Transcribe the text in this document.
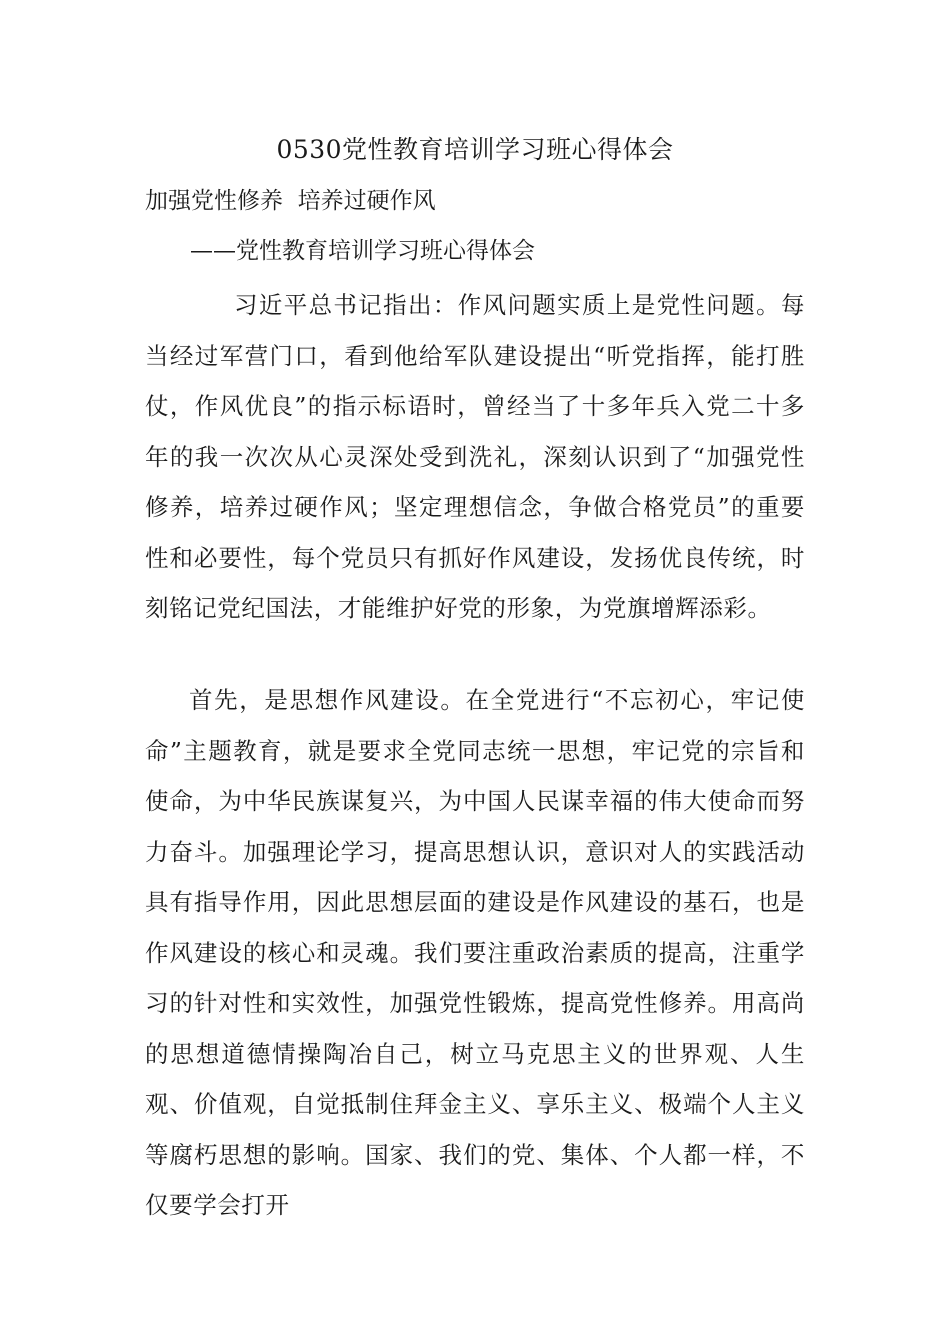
0530党性教育培训学习班心得体会
加强党性修养  培养过硬作风
——党性教育培训学习班心得体会

习近平总书记指出：作风问题实质上是党性问题。每当经过军营门口，看到他给军队建设提出“听党指挥，能打胜仗，作风优良”的指示标语时，曾经当了十多年兵入党二十多年的我一次次从心灵深处受到洗礼，深刻认识到了“加强党性修养，培养过硬作风；坚定理想信念，争做合格党员”的重要性和必要性，每个党员只有抓好作风建设，发扬优良传统，时刻铭记党纪国法，才能维护好党的形象，为党旗增辉添彩。

首先，是思想作风建设。在全党进行“不忘初心，牢记使命”主题教育，就是要求全党同志统一思想，牢记党的宗旨和使命，为中华民族谋复兴，为中国人民谋幸福的伟大使命而努力奋斗。加强理论学习，提高思想认识，意识对人的实践活动具有指导作用，因此思想层面的建设是作风建设的基石，也是作风建设的核心和灵魂。我们要注重政治素质的提高，注重学习的针对性和实效性，加强党性锻炼，提高党性修养。用高尚的思想道德情操陶冶自己，树立马克思主义的世界观、人生观、价值观，自觉抵制住拜金主义、享乐主义、极端个人主义等腐朽思想的影响。国家、我们的党、集体、个人都一样，不仅要学会打开
